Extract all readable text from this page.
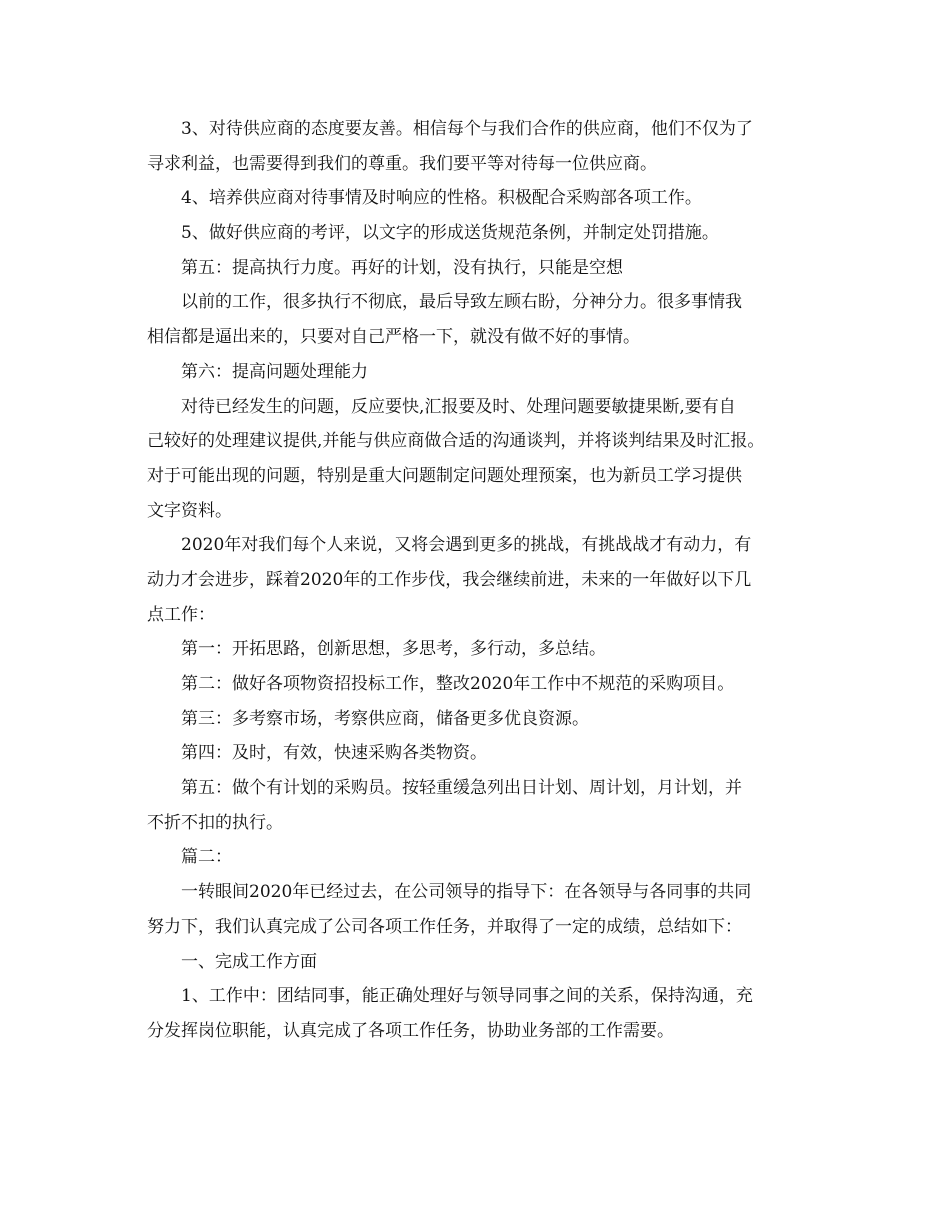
3、对待供应商的态度要友善。相信每个与我们合作的供应商，他们不仅为了
寻求利益，也需要得到我们的尊重。我们要平等对待每一位供应商。
4、培养供应商对待事情及时响应的性格。积极配合采购部各项工作。
5、做好供应商的考评，以文字的形成送货规范条例，并制定处罚措施。
第五：提高执行力度。再好的计划，没有执行，只能是空想
以前的工作，很多执行不彻底，最后导致左顾右盼，分神分力。很多事情我
相信都是逼出来的，只要对自己严格一下，就没有做不好的事情。
第六：提高问题处理能力
对待已经发生的问题，反应要快,汇报要及时、处理问题要敏捷果断,要有自
己较好的处理建议提供,并能与供应商做合适的沟通谈判，并将谈判结果及时汇报。
对于可能出现的问题，特别是重大问题制定问题处理预案，也为新员工学习提供
文字资料。
2020年对我们每个人来说，又将会遇到更多的挑战，有挑战战才有动力，有
动力才会进步，踩着2020年的工作步伐，我会继续前进，未来的一年做好以下几
点工作：
第一：开拓思路，创新思想，多思考，多行动，多总结。
第二：做好各项物资招投标工作，整改2020年工作中不规范的采购项目。
第三：多考察市场，考察供应商，储备更多优良资源。
第四：及时，有效，快速采购各类物资。
第五：做个有计划的采购员。按轻重缓急列出日计划、周计划，月计划，并
不折不扣的执行。
篇二：
一转眼间2020年已经过去，在公司领导的指导下：在各领导与各同事的共同
努力下，我们认真完成了公司各项工作任务，并取得了一定的成绩，总结如下：
一、完成工作方面
1、工作中：团结同事，能正确处理好与领导同事之间的关系，保持沟通，充
分发挥岗位职能，认真完成了各项工作任务，协助业务部的工作需要。
